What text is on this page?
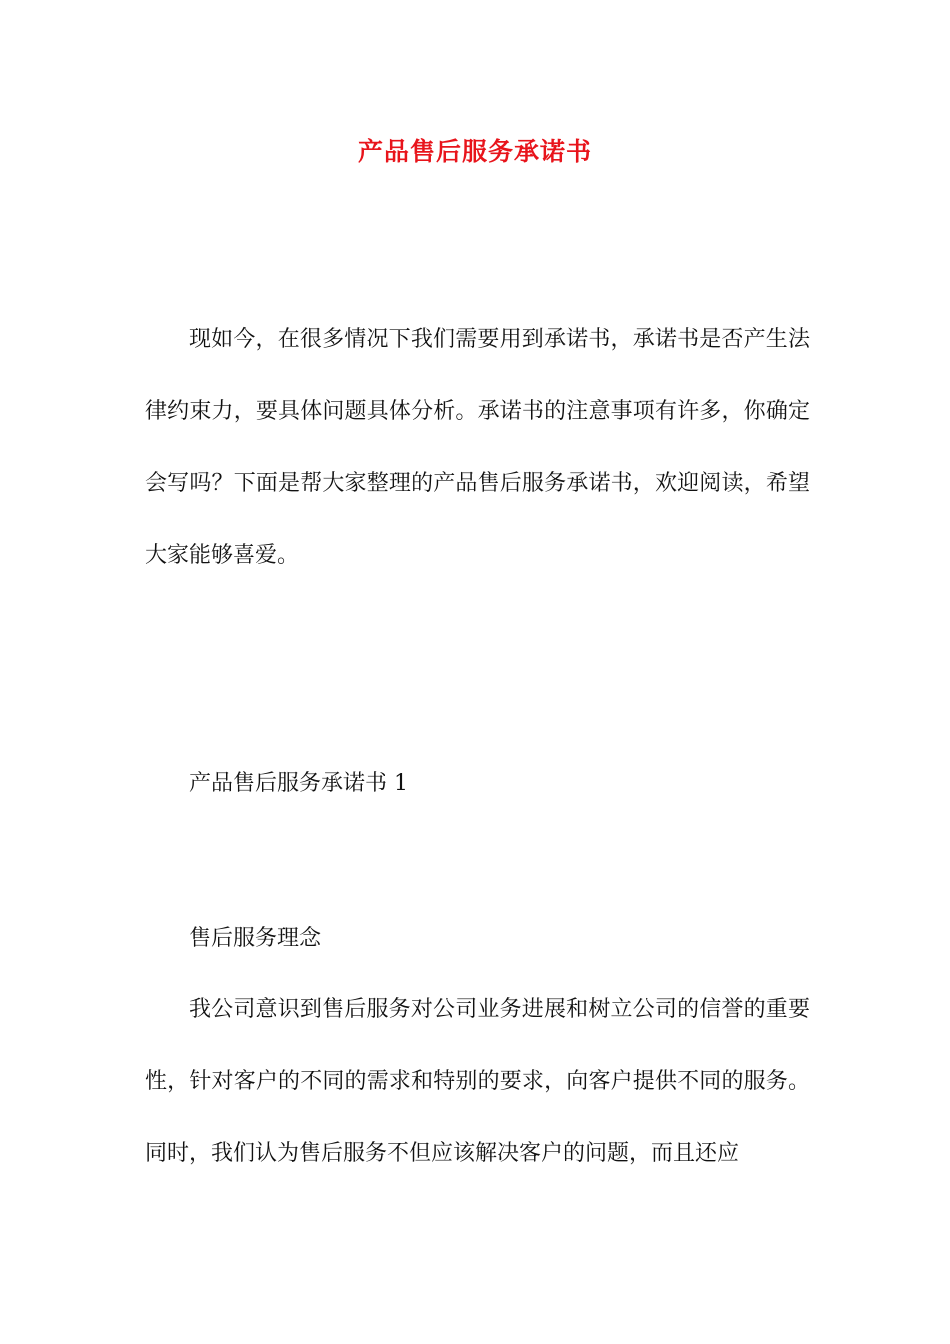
产品售后服务承诺书

现如今，在很多情况下我们需要用到承诺书，承诺书是否产生法律约束力，要具体问题具体分析。承诺书的注意事项有许多，你确定会写吗？下面是帮大家整理的产品售后服务承诺书，欢迎阅读，希望大家能够喜爱。

产品售后服务承诺书 1

售后服务理念

我公司意识到售后服务对公司业务进展和树立公司的信誉的重要性，针对客户的不同的需求和特别的要求，向客户提供不同的服务。同时，我们认为售后服务不但应该解决客户的问题，而且还应
